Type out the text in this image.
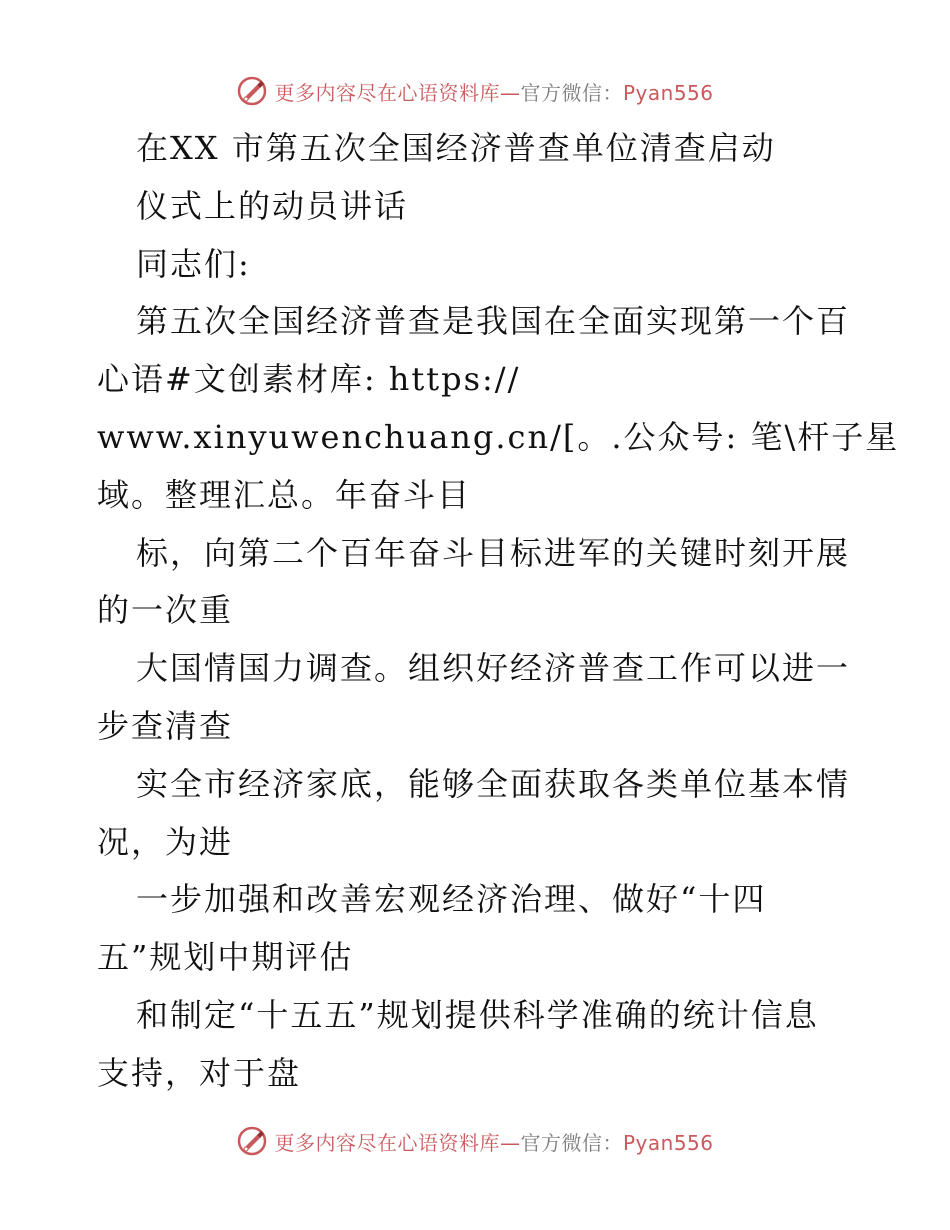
更多内容尽在心语资料库—官方微信：Pyan556
在XX 市第五次全国经济普查单位清查启动
仪式上的动员讲话
同志们:
第五次全国经济普查是我国在全面实现第一个百
心语#文创素材库: https://
www.xinyuwenchuang.cn/[。.公众号: 笔\杆子星
域。整理汇总。年奋斗目
标，向第二个百年奋斗目标进军的关键时刻开展
的一次重
大国情国力调查。组织好经济普查工作可以进一
步查清查
实全市经济家底，能够全面获取各类单位基本情
况，为进
一步加强和改善宏观经济治理、做好“十四
五”规划中期评估
和制定“十五五”规划提供科学准确的统计信息
支持，对于盘
更多内容尽在心语资料库—官方微信：Pyan556
